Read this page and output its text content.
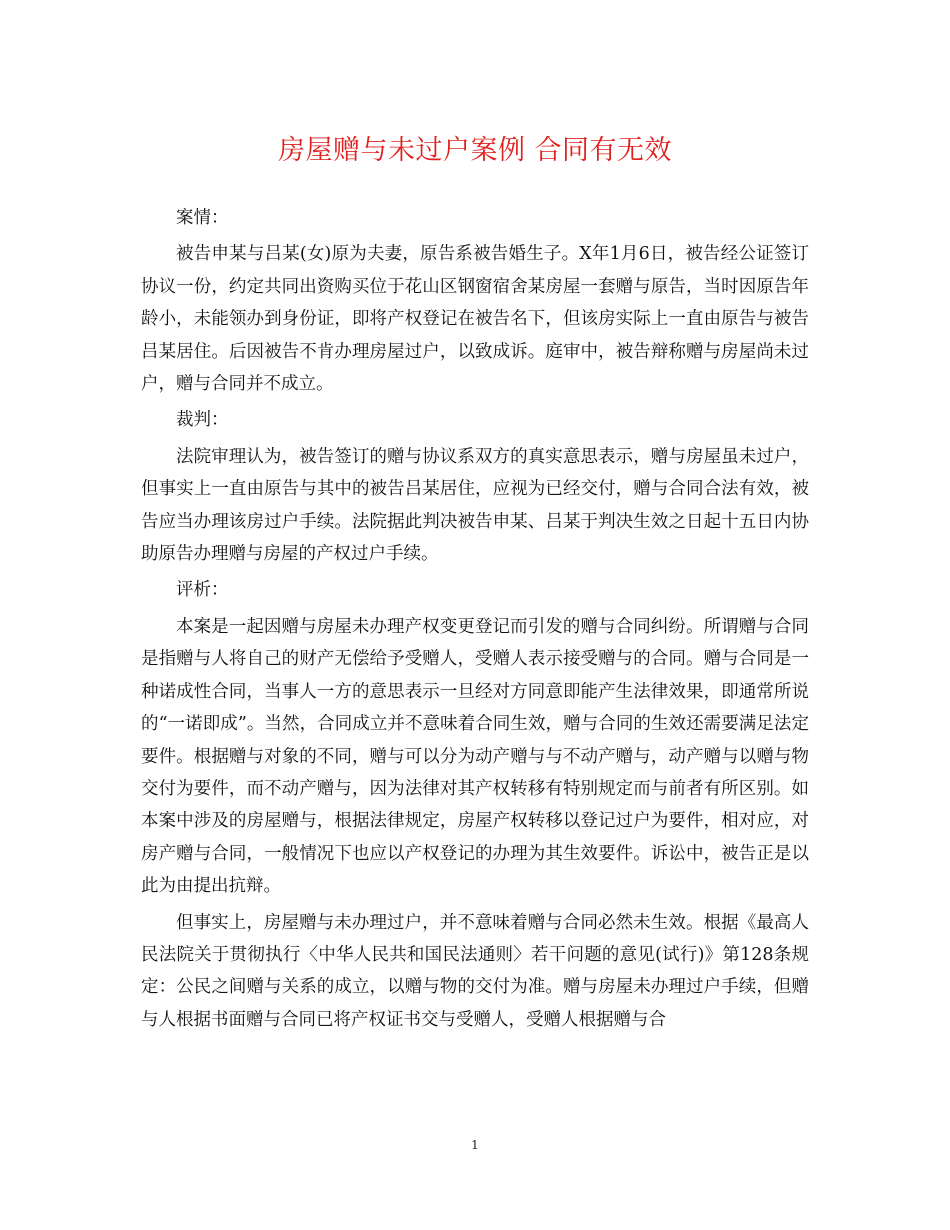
房屋赠与未过户案例 合同有无效

案情：

被告申某与吕某(女)原为夫妻，原告系被告婚生子。X年1月6日，被告经公证签订协议一份，约定共同出资购买位于花山区钢窗宿舍某房屋一套赠与原告，当时因原告年龄小，未能领办到身份证，即将产权登记在被告名下，但该房实际上一直由原告与被告吕某居住。后因被告不肯办理房屋过户，以致成诉。庭审中，被告辩称赠与房屋尚未过户，赠与合同并不成立。

裁判：

法院审理认为，被告签订的赠与协议系双方的真实意思表示，赠与房屋虽未过户，但事实上一直由原告与其中的被告吕某居住，应视为已经交付，赠与合同合法有效，被告应当办理该房过户手续。法院据此判决被告申某、吕某于判决生效之日起十五日内协助原告办理赠与房屋的产权过户手续。

评析：

本案是一起因赠与房屋未办理产权变更登记而引发的赠与合同纠纷。所谓赠与合同是指赠与人将自己的财产无偿给予受赠人，受赠人表示接受赠与的合同。赠与合同是一种诺成性合同，当事人一方的意思表示一旦经对方同意即能产生法律效果，即通常所说的“一诺即成”。当然，合同成立并不意味着合同生效，赠与合同的生效还需要满足法定要件。根据赠与对象的不同，赠与可以分为动产赠与与不动产赠与，动产赠与以赠与物交付为要件，而不动产赠与，因为法律对其产权转移有特别规定而与前者有所区别。如本案中涉及的房屋赠与，根据法律规定，房屋产权转移以登记过户为要件，相对应，对房产赠与合同，一般情况下也应以产权登记的办理为其生效要件。诉讼中，被告正是以此为由提出抗辩。

但事实上，房屋赠与未办理过户，并不意味着赠与合同必然未生效。根据《最高人民法院关于贯彻执行〈中华人民共和国民法通则〉若干问题的意见(试行)》第128条规定：公民之间赠与关系的成立，以赠与物的交付为准。赠与房屋未办理过户手续，但赠与人根据书面赠与合同已将产权证书交与受赠人，受赠人根据赠与合

1
